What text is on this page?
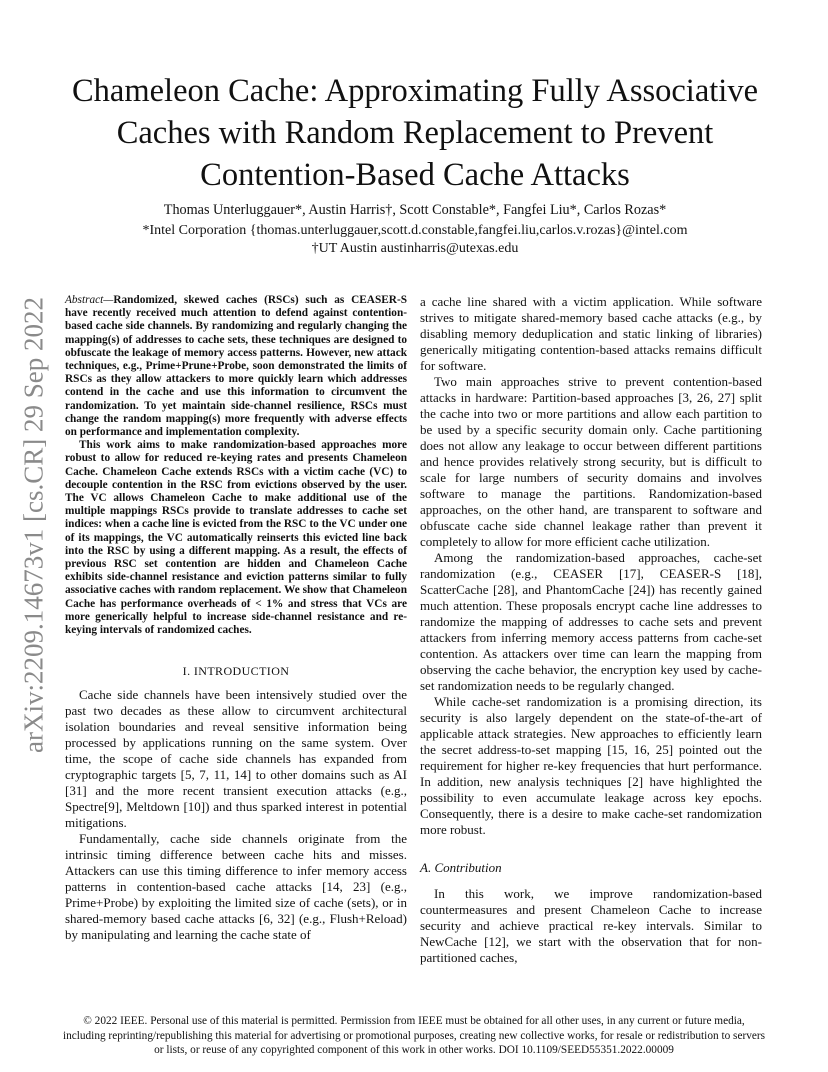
arXiv:2209.14673v1 [cs.CR] 29 Sep 2022
Chameleon Cache: Approximating Fully Associative Caches with Random Replacement to Prevent Contention-Based Cache Attacks
Thomas Unterluggauer*, Austin Harris†, Scott Constable*, Fangfei Liu*, Carlos Rozas*
*Intel Corporation {thomas.unterluggauer,scott.d.constable,fangfei.liu,carlos.v.rozas}@intel.com
†UT Austin austinharris@utexas.edu

Abstract—Randomized, skewed caches (RSCs) such as CEASER-S have recently received much attention to defend against contention-based cache side channels. By randomizing and regularly changing the mapping(s) of addresses to cache sets, these techniques are designed to obfuscate the leakage of memory access patterns. However, new attack techniques, e.g., Prime+Prune+Probe, soon demonstrated the limits of RSCs as they allow attackers to more quickly learn which addresses contend in the cache and use this information to circumvent the randomization. To yet maintain side-channel resilience, RSCs must change the random mapping(s) more frequently with adverse effects on performance and implementation complexity.

This work aims to make randomization-based approaches more robust to allow for reduced re-keying rates and presents Chameleon Cache. Chameleon Cache extends RSCs with a victim cache (VC) to decouple contention in the RSC from evictions observed by the user. The VC allows Chameleon Cache to make additional use of the multiple mappings RSCs provide to translate addresses to cache set indices: when a cache line is evicted from the RSC to the VC under one of its mappings, the VC automatically reinserts this evicted line back into the RSC by using a different mapping. As a result, the effects of previous RSC set contention are hidden and Chameleon Cache exhibits side-channel resistance and eviction patterns similar to fully associative caches with random replacement. We show that Chameleon Cache has performance overheads of < 1% and stress that VCs are more generically helpful to increase side-channel resistance and re-keying intervals of randomized caches.

I. INTRODUCTION

Cache side channels have been intensively studied over the past two decades as these allow to circumvent architectural isolation boundaries and reveal sensitive information being processed by applications running on the same system. Over time, the scope of cache side channels has expanded from cryptographic targets [5, 7, 11, 14] to other domains such as AI [31] and the more recent transient execution attacks (e.g., Spectre[9], Meltdown [10]) and thus sparked interest in potential mitigations.

Fundamentally, cache side channels originate from the intrinsic timing difference between cache hits and misses. Attackers can use this timing difference to infer memory access patterns in contention-based cache attacks [14, 23] (e.g., Prime+Probe) by exploiting the limited size of cache (sets), or in shared-memory based cache attacks [6, 32] (e.g., Flush+Reload) by manipulating and learning the cache state of

a cache line shared with a victim application. While software strives to mitigate shared-memory based cache attacks (e.g., by disabling memory deduplication and static linking of libraries) generically mitigating contention-based attacks remains difficult for software.

Two main approaches strive to prevent contention-based attacks in hardware: Partition-based approaches [3, 26, 27] split the cache into two or more partitions and allow each partition to be used by a specific security domain only. Cache partitioning does not allow any leakage to occur between different partitions and hence provides relatively strong security, but is difficult to scale for large numbers of security domains and involves software to manage the partitions. Randomization-based approaches, on the other hand, are transparent to software and obfuscate cache side channel leakage rather than prevent it completely to allow for more efficient cache utilization.

Among the randomization-based approaches, cache-set randomization (e.g., CEASER [17], CEASER-S [18], ScatterCache [28], and PhantomCache [24]) has recently gained much attention. These proposals encrypt cache line addresses to randomize the mapping of addresses to cache sets and prevent attackers from inferring memory access patterns from cache-set contention. As attackers over time can learn the mapping from observing the cache behavior, the encryption key used by cache-set randomization needs to be regularly changed.

While cache-set randomization is a promising direction, its security is also largely dependent on the state-of-the-art of applicable attack strategies. New approaches to efficiently learn the secret address-to-set mapping [15, 16, 25] pointed out the requirement for higher re-key frequencies that hurt performance. In addition, new analysis techniques [2] have highlighted the possibility to even accumulate leakage across key epochs. Consequently, there is a desire to make cache-set randomization more robust.

A. Contribution

In this work, we improve randomization-based countermeasures and present Chameleon Cache to increase security and achieve practical re-key intervals. Similar to NewCache [12], we start with the observation that for non-partitioned caches,

© 2022 IEEE. Personal use of this material is permitted. Permission from IEEE must be obtained for all other uses, in any current or future media, including reprinting/republishing this material for advertising or promotional purposes, creating new collective works, for resale or redistribution to servers or lists, or reuse of any copyrighted component of this work in other works. DOI 10.1109/SEED55351.2022.00009
